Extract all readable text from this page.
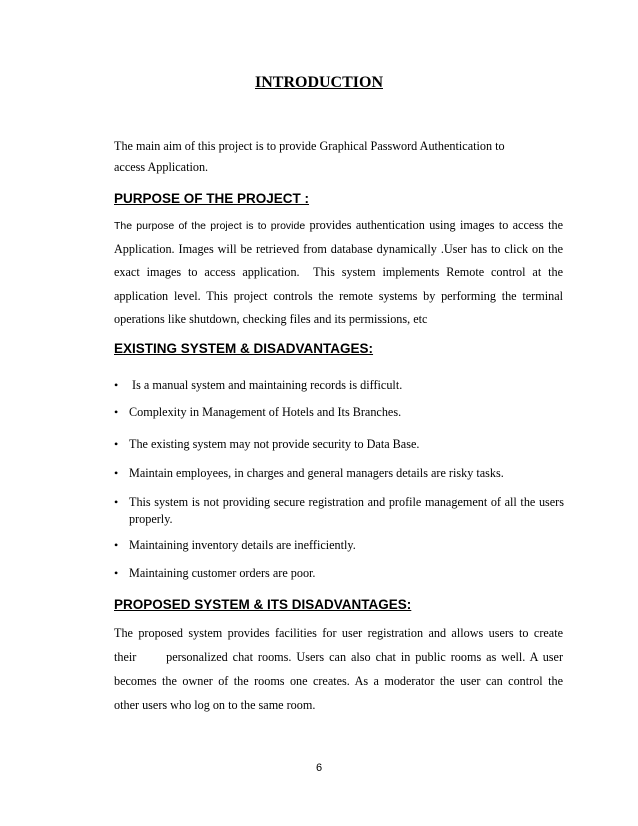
INTRODUCTION
The main aim of this project is to provide Graphical Password Authentication to
access Application.
PURPOSE OF THE PROJECT :
The purpose of the project is to provide provides authentication using images to access the
Application. Images will be retrieved from database dynamically .User has to click on the
exact images to access application.  This system implements Remote control at the
application level. This project controls the remote systems by performing the terminal
operations like shutdown, checking files and its permissions, etc
EXISTING SYSTEM & DISADVANTAGES:
• Is a manual system and maintaining records is difficult.
• Complexity in Management of Hotels and Its Branches.
• The existing system may not provide security to Data Base.
• Maintain employees, in charges and general managers details are risky tasks.
• This system is not providing secure registration and profile management of all the users properly.
• Maintaining inventory details are inefficiently.
• Maintaining customer orders are poor.
PROPOSED SYSTEM & ITS DISADVANTAGES:
The proposed system provides facilities for user registration and allows users to create
their      personalized chat rooms. Users can also chat in public rooms as well. A user
becomes the owner of the rooms one creates. As a moderator the user can control the
other users who log on to the same room.
6
